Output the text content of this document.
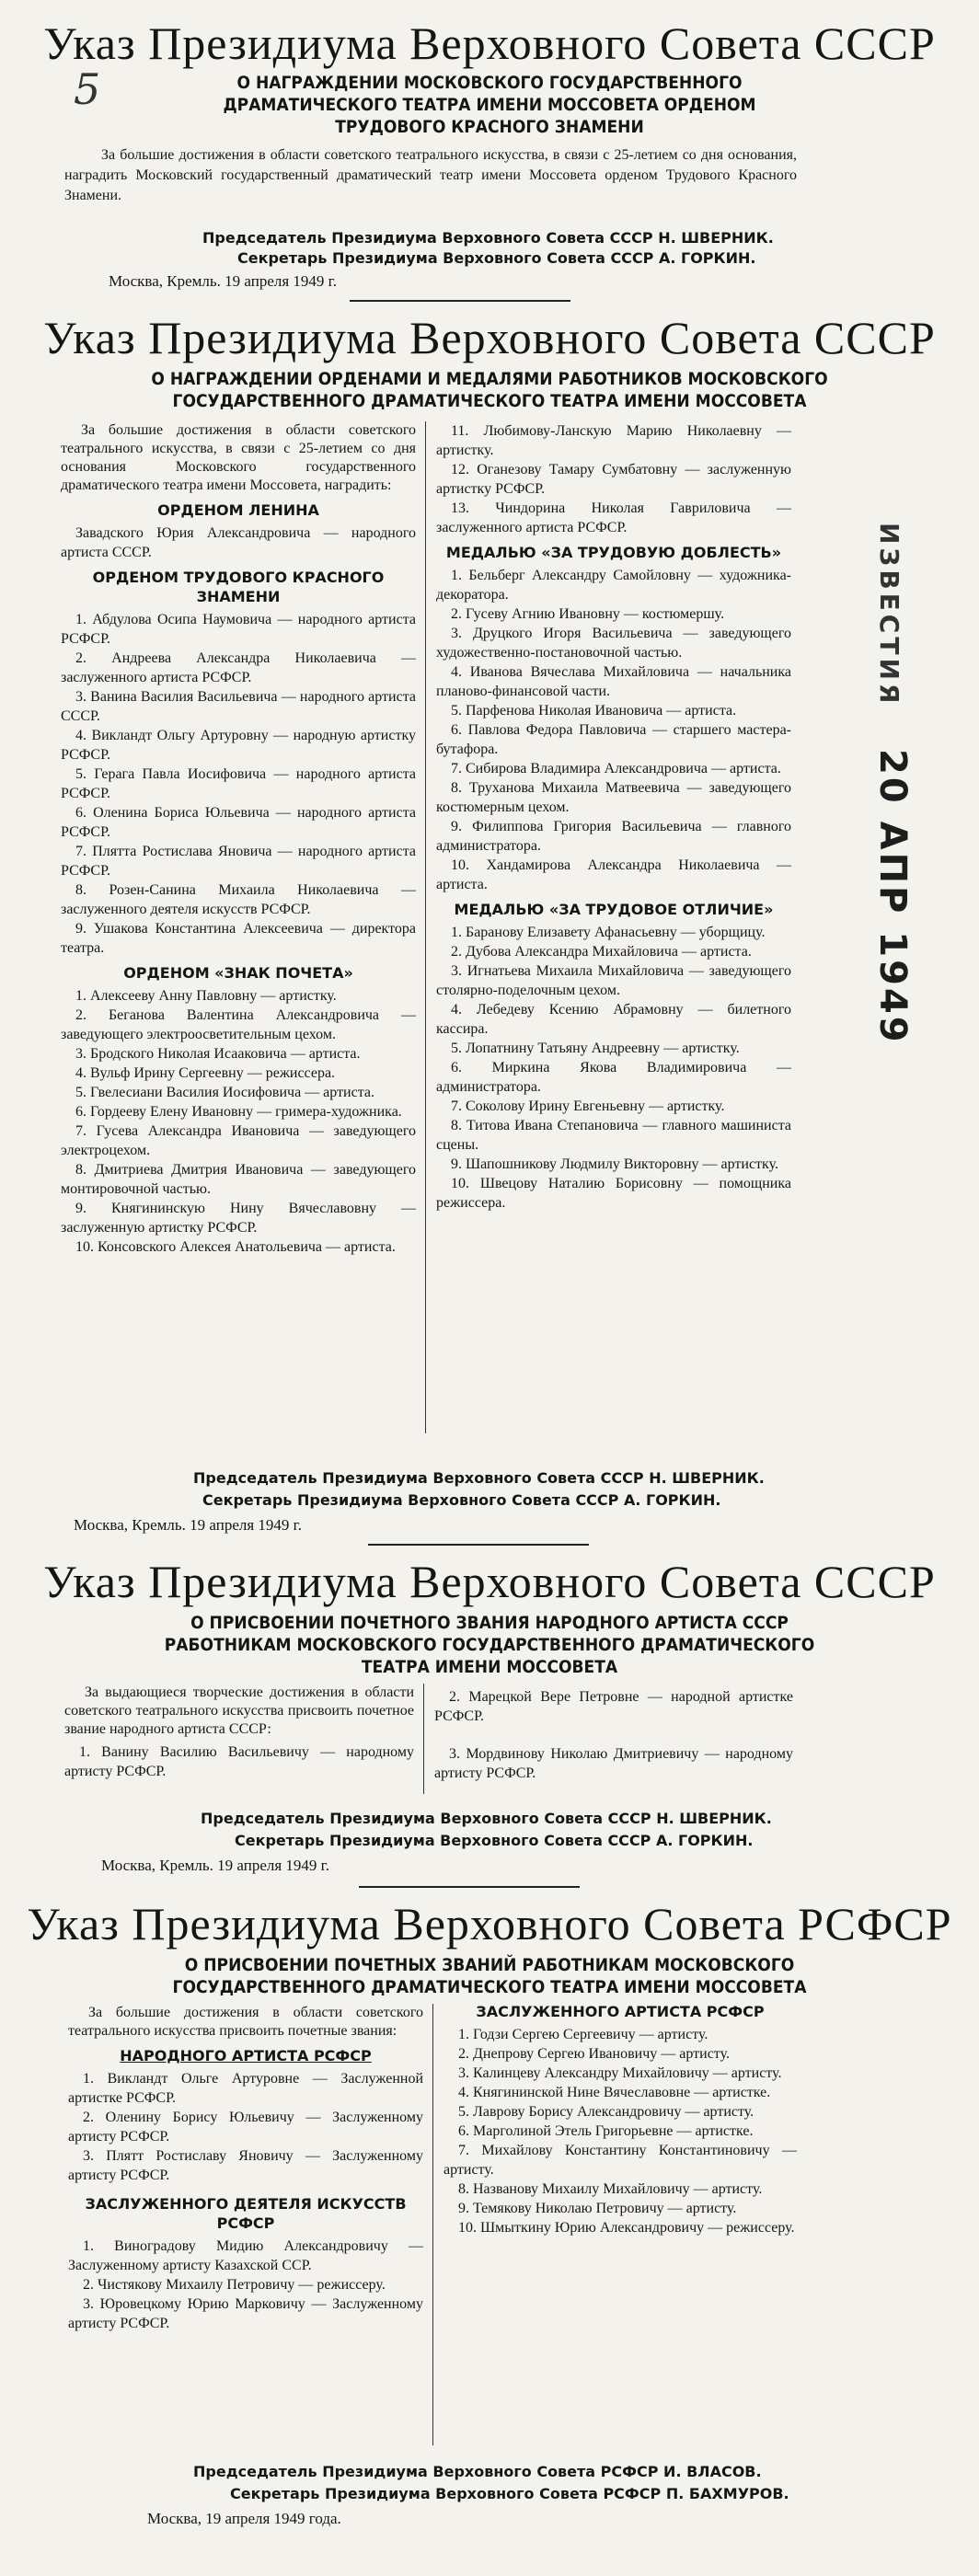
5
ИЗВЕСТИЯ 20 АПР 1949
Указ Президиума Верховного Совета СССР
О НАГРАЖДЕНИИ МОСКОВСКОГО ГОСУДАРСТВЕННОГО
ДРАМАТИЧЕСКОГО ТЕАТРА ИМЕНИ МОССОВЕТА ОРДЕНОМ
ТРУДОВОГО КРАСНОГО ЗНАМЕНИ
За большие достижения в области советского театрального искусства, в связи с 25-летием со дня основания, наградить Московский государственный драматический театр имени Моссовета орденом Трудового Красного Знамени.
Председатель Президиума Верховного Совета СССР Н. ШВЕРНИК.
Секретарь Президиума Верховного Совета СССР А. ГОРКИН.
Москва, Кремль. 19 апреля 1949 г.
Указ Президиума Верховного Совета СССР
О НАГРАЖДЕНИИ ОРДЕНАМИ И МЕДАЛЯМИ РАБОТНИКОВ МОСКОВСКОГО
ГОСУДАРСТВЕННОГО ДРАМАТИЧЕСКОГО ТЕАТРА ИМЕНИ МОССОВЕТА
За большие достижения в области советского театрального искусства, в связи с 25-летием со дня основания Московского государственного драматического театра имени Моссовета, наградить:
ОРДЕНОМ ЛЕНИНА
Завадского Юрия Александровича — народного артиста СССР.
ОРДЕНОМ ТРУДОВОГО КРАСНОГО ЗНАМЕНИ
1. Абдулова Осипа Наумовича — народного артиста РСФСР.
2. Андреева Александра Николаевича — заслуженного артиста РСФСР.
3. Ванина Василия Васильевича — народного артиста СССР.
4. Викландт Ольгу Артуровну — народную артистку РСФСР.
5. Герага Павла Иосифовича — народного артиста РСФСР.
6. Оленина Бориса Юльевича — народного артиста РСФСР.
7. Плятта Ростислава Яновича — народного артиста РСФСР.
8. Розен-Санина Михаила Николаевича — заслуженного деятеля искусств РСФСР.
9. Ушакова Константина Алексеевича — директора театра.
ОРДЕНОМ «ЗНАК ПОЧЕТА»
1. Алексееву Анну Павловну — артистку.
2. Беганова Валентина Александровича — заведующего электроосветительным цехом.
3. Бродского Николая Исааковича — артиста.
4. Вульф Ирину Сергеевну — режиссера.
5. Гвелесиани Василия Иосифовича — артиста.
6. Гордееву Елену Ивановну — гримера-художника.
7. Гусева Александра Ивановича — заведующего электроцехом.
8. Дмитриева Дмитрия Ивановича — заведующего монтировочной частью.
9. Княгининскую Нину Вячеславовну — заслуженную артистку РСФСР.
10. Консовского Алексея Анатольевича — артиста.
11. Любимову-Ланскую Марию Николаевну — артистку.
12. Оганезову Тамару Сумбатовну — заслуженную артистку РСФСР.
13. Чиндорина Николая Гавриловича — заслуженного артиста РСФСР.
МЕДАЛЬЮ «ЗА ТРУДОВУЮ ДОБЛЕСТЬ»
1. Бельберг Александру Самойловну — художника-декоратора.
2. Гусеву Агнию Ивановну — костюмершу.
3. Друцкого Игоря Васильевича — заведующего художественно-постановочной частью.
4. Иванова Вячеслава Михайловича — начальника планово-финансовой части.
5. Парфенова Николая Ивановича — артиста.
6. Павлова Федора Павловича — старшего мастера-бутафора.
7. Сибирова Владимира Александровича — артиста.
8. Труханова Михаила Матвеевича — заведующего костюмерным цехом.
9. Филиппова Григория Васильевича — главного администратора.
10. Хандамирова Александра Николаевича — артиста.
МЕДАЛЬЮ «ЗА ТРУДОВОЕ ОТЛИЧИЕ»
1. Баранову Елизавету Афанасьевну — уборщицу.
2. Дубова Александра Михайловича — артиста.
3. Игнатьева Михаила Михайловича — заведующего столярно-поделочным цехом.
4. Лебедеву Ксению Абрамовну — билетного кассира.
5. Лопатнину Татьяну Андреевну — артистку.
6. Миркина Якова Владимировича — администратора.
7. Соколову Ирину Евгеньевну — артистку.
8. Титова Ивана Степановича — главного машиниста сцены.
9. Шапошникову Людмилу Викторовну — артистку.
10. Швецову Наталию Борисовну — помощника режиссера.
Председатель Президиума Верховного Совета СССР Н. ШВЕРНИК.
Секретарь Президиума Верховного Совета СССР А. ГОРКИН.
Москва, Кремль. 19 апреля 1949 г.
Указ Президиума Верховного Совета СССР
О ПРИСВОЕНИИ ПОЧЕТНОГО ЗВАНИЯ НАРОДНОГО АРТИСТА СССР
РАБОТНИКАМ МОСКОВСКОГО ГОСУДАРСТВЕННОГО ДРАМАТИЧЕСКОГО
ТЕАТРА ИМЕНИ МОССОВЕТА
За выдающиеся творческие достижения в области советского театрального искусства присвоить почетное звание народного артиста СССР:
1. Ванину Василию Васильевичу — народному артисту РСФСР.
2. Марецкой Вере Петровне — народной артистке РСФСР.
3. Мордвинову Николаю Дмитриевичу — народному артисту РСФСР.
Председатель Президиума Верховного Совета СССР Н. ШВЕРНИК.
Секретарь Президиума Верховного Совета СССР А. ГОРКИН.
Москва, Кремль. 19 апреля 1949 г.
Указ Президиума Верховного Совета РСФСР
О ПРИСВОЕНИИ ПОЧЕТНЫХ ЗВАНИЙ РАБОТНИКАМ МОСКОВСКОГО
ГОСУДАРСТВЕННОГО ДРАМАТИЧЕСКОГО ТЕАТРА ИМЕНИ МОССОВЕТА
За большие достижения в области советского театрального искусства присвоить почетные звания:
НАРОДНОГО АРТИСТА РСФСР
1. Викландт Ольге Артуровне — Заслуженной артистке РСФСР.
2. Оленину Борису Юльевичу — Заслуженному артисту РСФСР.
3. Плятт Ростиславу Яновичу — Заслуженному артисту РСФСР.
ЗАСЛУЖЕННОГО ДЕЯТЕЛЯ ИСКУССТВ РСФСР
1. Виноградову Мидию Александровичу — Заслуженному артисту Казахской ССР.
2. Чистякову Михаилу Петровичу — режиссеру.
3. Юровецкому Юрию Марковичу — Заслуженному артисту РСФСР.
ЗАСЛУЖЕННОГО АРТИСТА РСФСР
1. Годзи Сергею Сергеевичу — артисту.
2. Днепрову Сергею Ивановичу — артисту.
3. Калинцеву Александру Михайловичу — артисту.
4. Княгининской Нине Вячеславовне — артистке.
5. Лаврову Борису Александровичу — артисту.
6. Марголиной Этель Григорьевне — артистке.
7. Михайлову Константину Константиновичу — артисту.
8. Названову Михаилу Михайловичу — артисту.
9. Темякову Николаю Петровичу — артисту.
10. Шмыткину Юрию Александровичу — режиссеру.
Председатель Президиума Верховного Совета РСФСР И. ВЛАСОВ.
Секретарь Президиума Верховного Совета РСФСР П. БАХМУРОВ.
Москва, 19 апреля 1949 года.
